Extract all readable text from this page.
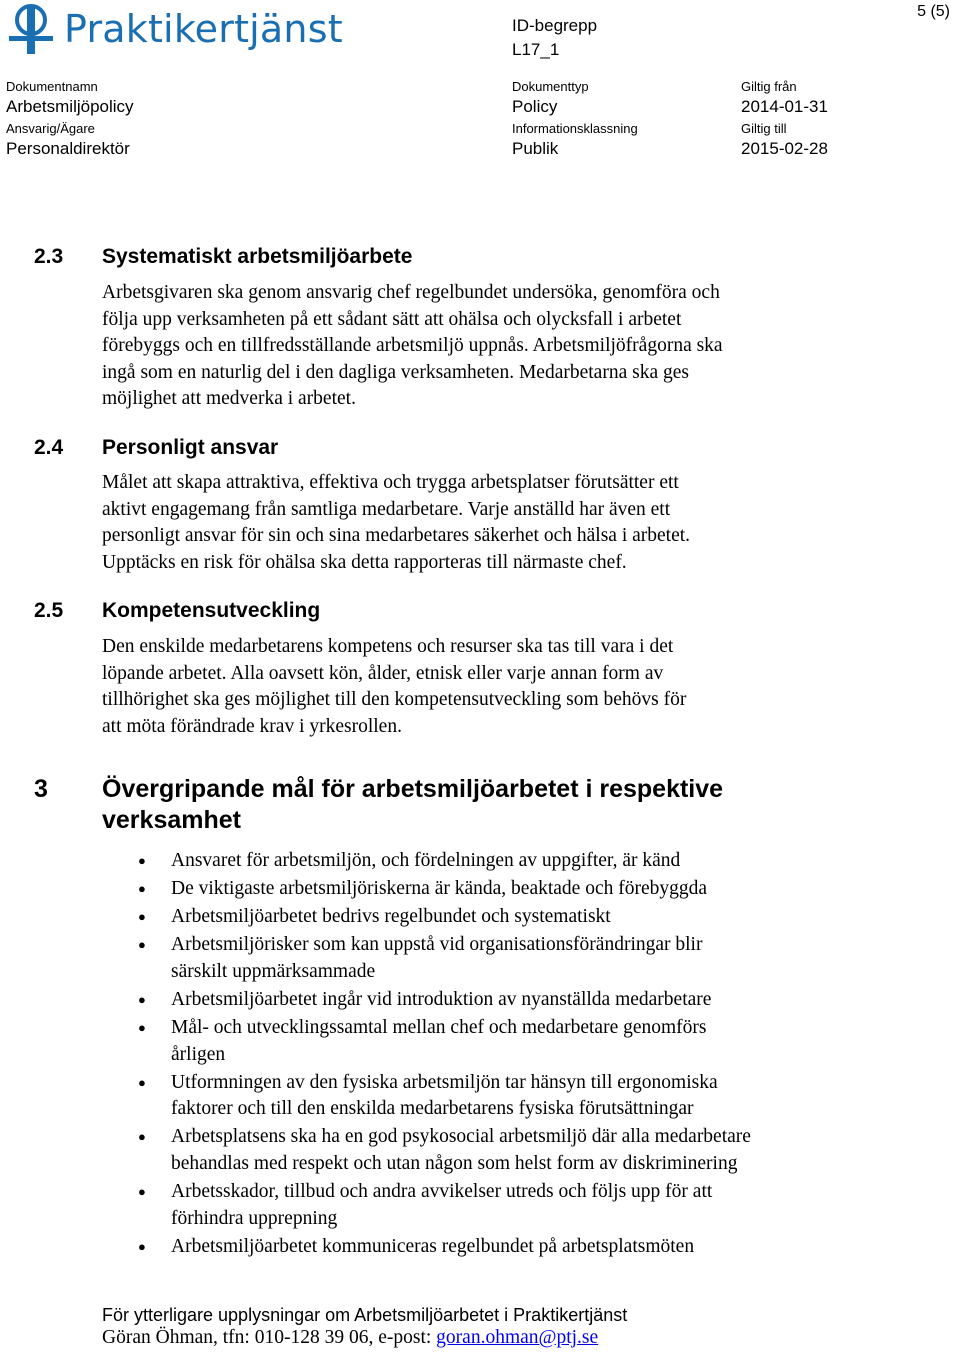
Praktikertjänst	5 (5)
ID-begrepp
L17_1
Dokumentnamn
Arbetsmiljöpolicy
Ansvarig/Ägare
Personaldirektör
Dokumenttyp
Policy
Informationsklassning
Publik
Giltig från
2014-01-31
Giltig till
2015-02-28
2.3 Systematiskt arbetsmiljöarbete
Arbetsgivaren ska genom ansvarig chef regelbundet undersöka, genomföra och
följa upp verksamheten på ett sådant sätt att ohälsa och olycksfall i arbetet
förebyggs och en tillfredsställande arbetsmiljö uppnås. Arbetsmiljöfrågorna ska
ingå som en naturlig del i den dagliga verksamheten. Medarbetarna ska ges
möjlighet att medverka i arbetet.
2.4 Personligt ansvar
Målet att skapa attraktiva, effektiva och trygga arbetsplatser förutsätter ett
aktivt engagemang från samtliga medarbetare. Varje anställd har även ett
personligt ansvar för sin och sina medarbetares säkerhet och hälsa i arbetet.
Upptäcks en risk för ohälsa ska detta rapporteras till närmaste chef.
2.5 Kompetensutveckling
Den enskilde medarbetarens kompetens och resurser ska tas till vara i det
löpande arbetet. Alla oavsett kön, ålder, etnisk eller varje annan form av
tillhörighet ska ges möjlighet till den kompetensutveckling som behövs för
att möta förändrade krav i yrkesrollen.
3 Övergripande mål för arbetsmiljöarbetet i respektive verksamhet
● Ansvaret för arbetsmiljön, och fördelningen av uppgifter, är känd
● De viktigaste arbetsmiljöriskerna är kända, beaktade och förebyggda
● Arbetsmiljöarbetet bedrivs regelbundet och systematiskt
● Arbetsmiljörisker som kan uppstå vid organisationsförändringar blir
särskilt uppmärksammade
● Arbetsmiljöarbetet ingår vid introduktion av nyanställda medarbetare
● Mål- och utvecklingssamtal mellan chef och medarbetare genomförs
årligen
● Utformningen av den fysiska arbetsmiljön tar hänsyn till ergonomiska
faktorer och till den enskilda medarbetarens fysiska förutsättningar
● Arbetsplatsens ska ha en god psykosocial arbetsmiljö där alla medarbetare
behandlas med respekt och utan någon som helst form av diskriminering
● Arbetsskador, tillbud och andra avvikelser utreds och följs upp för att
förhindra upprepning
● Arbetsmiljöarbetet kommuniceras regelbundet på arbetsplatsmöten
För ytterligare upplysningar om Arbetsmiljöarbetet i Praktikertjänst
Göran Öhman, tfn: 010-128 39 06, e-post: goran.ohman@ptj.se
